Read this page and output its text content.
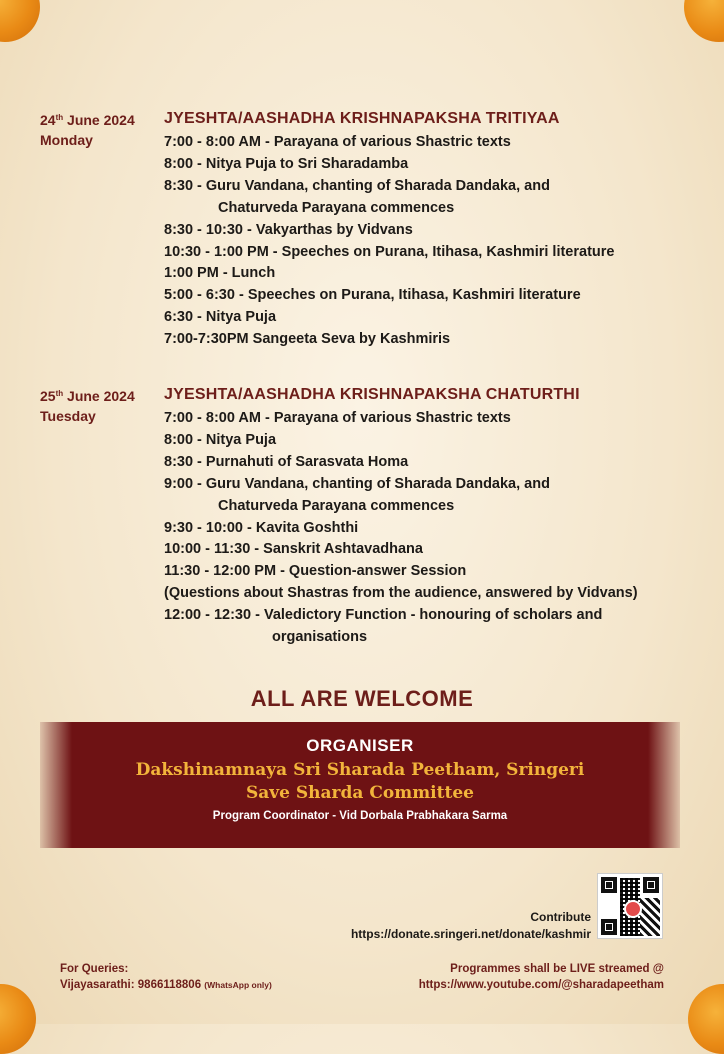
24th June 2024
Monday
JYESHTA/AASHADHA KRISHNAPAKSHA TRITIYAA
7:00 - 8:00 AM - Parayana of various Shastric texts
8:00 - Nitya Puja to Sri Sharadamba
8:30 - Guru Vandana, chanting of Sharada Dandaka, and
Chaturveda Parayana commences
8:30 - 10:30 - Vakyarthas by Vidvans
10:30 - 1:00 PM - Speeches on Purana, Itihasa, Kashmiri literature
1:00 PM - Lunch
5:00 - 6:30 - Speeches on Purana, Itihasa, Kashmiri literature
6:30 - Nitya Puja
7:00-7:30PM Sangeeta Seva by Kashmiris
25th June 2024
Tuesday
JYESHTA/AASHADHA KRISHNAPAKSHA CHATURTHI
7:00 - 8:00 AM - Parayana of various Shastric texts
8:00 - Nitya Puja
8:30 - Purnahuti of Sarasvata Homa
9:00 - Guru Vandana, chanting of Sharada Dandaka, and
Chaturveda Parayana commences
9:30 - 10:00 - Kavita Goshthi
10:00 - 11:30 - Sanskrit Ashtavadhana
11:30 - 12:00 PM - Question-answer Session
(Questions about Shastras from the audience, answered by Vidvans)
12:00 - 12:30 - Valedictory Function - honouring of scholars and
organisations
ALL ARE WELCOME
ORGANISER
Dakshinamnaya Sri Sharada Peetham, Sringeri
Save Sharda Committee
Program Coordinator - Vid Dorbala Prabhakara Sarma
Contribute
https://donate.sringeri.net/donate/kashmir
For Queries:
Vijayasarathi: 9866118806 (WhatsApp only)
Programmes shall be LIVE streamed @
https://www.youtube.com/@sharadapeetham
